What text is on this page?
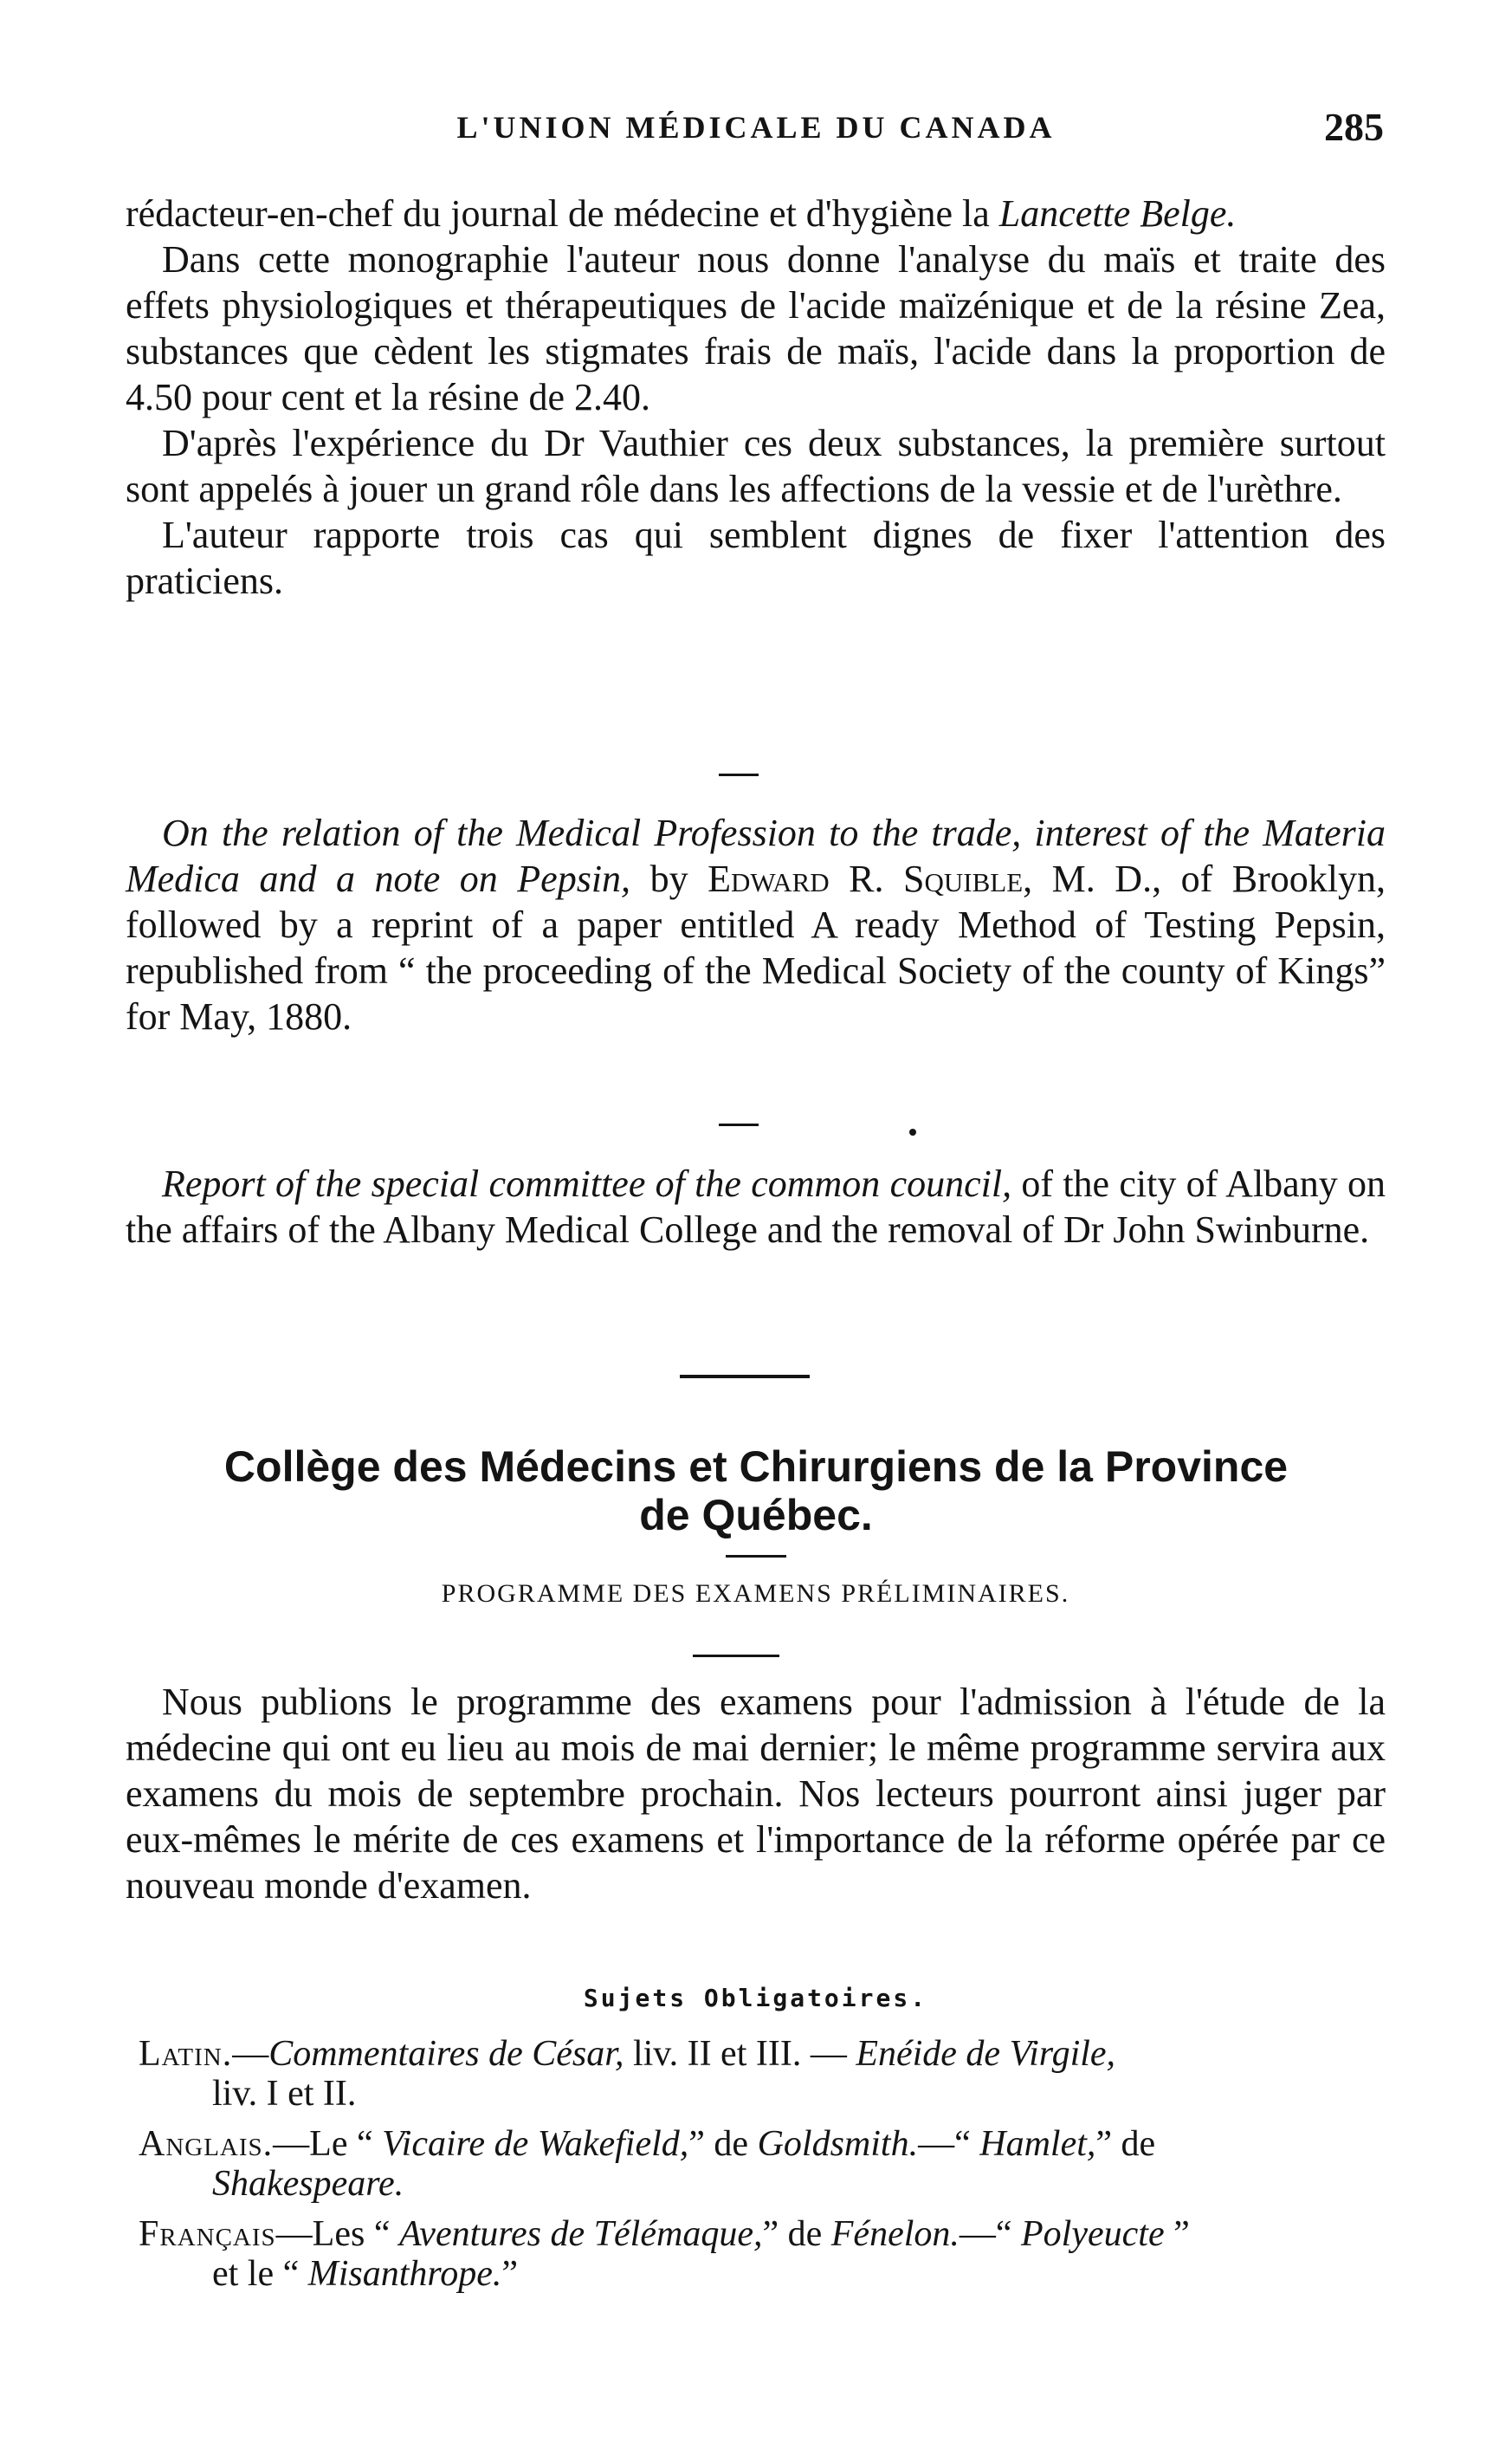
L'UNION MÉDICALE DU CANADA	285

rédacteur-en-chef du journal de médecine et d'hygiène la Lancette Belge.

Dans cette monographie l'auteur nous donne l'analyse du maïs et traite des effets physiologiques et thérapeutiques de l'acide maïzénique et de la résine Zea, substances que cèdent les stigmates frais de maïs, l'acide dans la proportion de 4.50 pour cent et la résine de 2.40.

D'après l'expérience du Dr Vauthier ces deux substances, la première surtout sont appelés à jouer un grand rôle dans les affections de la vessie et de l'urèthre.

L'auteur rapporte trois cas qui semblent dignes de fixer l'attention des praticiens.

On the relation of the Medical Profession to the trade, interest of the Materia Medica and a note on Pepsin, by Edward R. Squible, M. D., of Brooklyn, followed by a reprint of a paper entitled A ready Method of Testing Pepsin, republished from “ the proceeding of the Medical Society of the county of Kings” for May, 1880.

Report of the special committee of the common council, of the city of Albany on the affairs of the Albany Medical College and the removal of Dr John Swinburne.

Collège des Médecins et Chirurgiens de la Province
de Québec.
PROGRAMME DES EXAMENS PRÉLIMINAIRES.

Nous publions le programme des examens pour l'admission à l'étude de la médecine qui ont eu lieu au mois de mai dernier; le même programme servira aux examens du mois de septembre prochain. Nos lecteurs pourront ainsi juger par eux-mêmes le mérite de ces examens et l'importance de la réforme opérée par ce nouveau monde d'examen.

Sujets Obligatoires.
Latin.—Commentaires de César, liv. II et III. — Enéide de Virgile,
liv. I et II.
Anglais.—Le “ Vicaire de Wakefield,” de Goldsmith.—“ Hamlet,” de
Shakespeare.
Français—Les “ Aventures de Télémaque,” de Fénelon.—“ Polyeucte ”
et le “ Misanthrope.”
